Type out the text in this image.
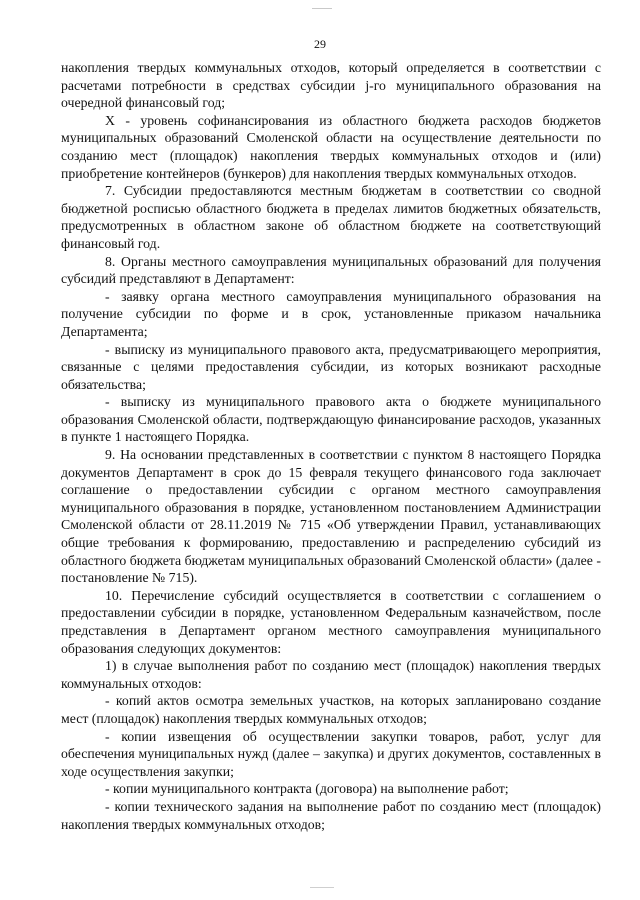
29

накопления твердых коммунальных отходов, который определяется в соответствии с расчетами потребности в средствах субсидии j-го муниципального образования на очередной финансовый год;

X - уровень софинансирования из областного бюджета расходов бюджетов муниципальных образований Смоленской области на осуществление деятельности по созданию мест (площадок) накопления твердых коммунальных отходов и (или) приобретение контейнеров (бункеров) для накопления твердых коммунальных отходов.

7. Субсидии предоставляются местным бюджетам в соответствии со сводной бюджетной росписью областного бюджета в пределах лимитов бюджетных обязательств, предусмотренных в областном законе об областном бюджете на соответствующий финансовый год.

8. Органы местного самоуправления муниципальных образований для получения субсидий представляют в Департамент:

- заявку органа местного самоуправления муниципального образования на получение субсидии по форме и в срок, установленные приказом начальника Департамента;

- выписку из муниципального правового акта, предусматривающего мероприятия, связанные с целями предоставления субсидии, из которых возникают расходные обязательства;

- выписку из муниципального правового акта о бюджете муниципального образования Смоленской области, подтверждающую финансирование расходов, указанных в пункте 1 настоящего Порядка.

9. На основании представленных в соответствии с пунктом 8 настоящего Порядка документов Департамент в срок до 15 февраля текущего финансового года заключает соглашение о предоставлении субсидии с органом местного самоуправления муниципального образования в порядке, установленном постановлением Администрации Смоленской области от 28.11.2019 № 715 «Об утверждении Правил, устанавливающих общие требования к формированию, предоставлению и распределению субсидий из областного бюджета бюджетам муниципальных образований Смоленской области» (далее - постановление № 715).

10. Перечисление субсидий осуществляется в соответствии с соглашением о предоставлении субсидии в порядке, установленном Федеральным казначейством, после представления в Департамент органом местного самоуправления муниципального образования следующих документов:

1) в случае выполнения работ по созданию мест (площадок) накопления твердых коммунальных отходов:

- копий актов осмотра земельных участков, на которых запланировано создание мест (площадок) накопления твердых коммунальных отходов;

- копии извещения об осуществлении закупки товаров, работ, услуг для обеспечения муниципальных нужд (далее – закупка) и других документов, составленных в ходе осуществления закупки;

- копии муниципального контракта (договора) на выполнение работ;

- копии технического задания на выполнение работ по созданию мест (площадок) накопления твердых коммунальных отходов;
